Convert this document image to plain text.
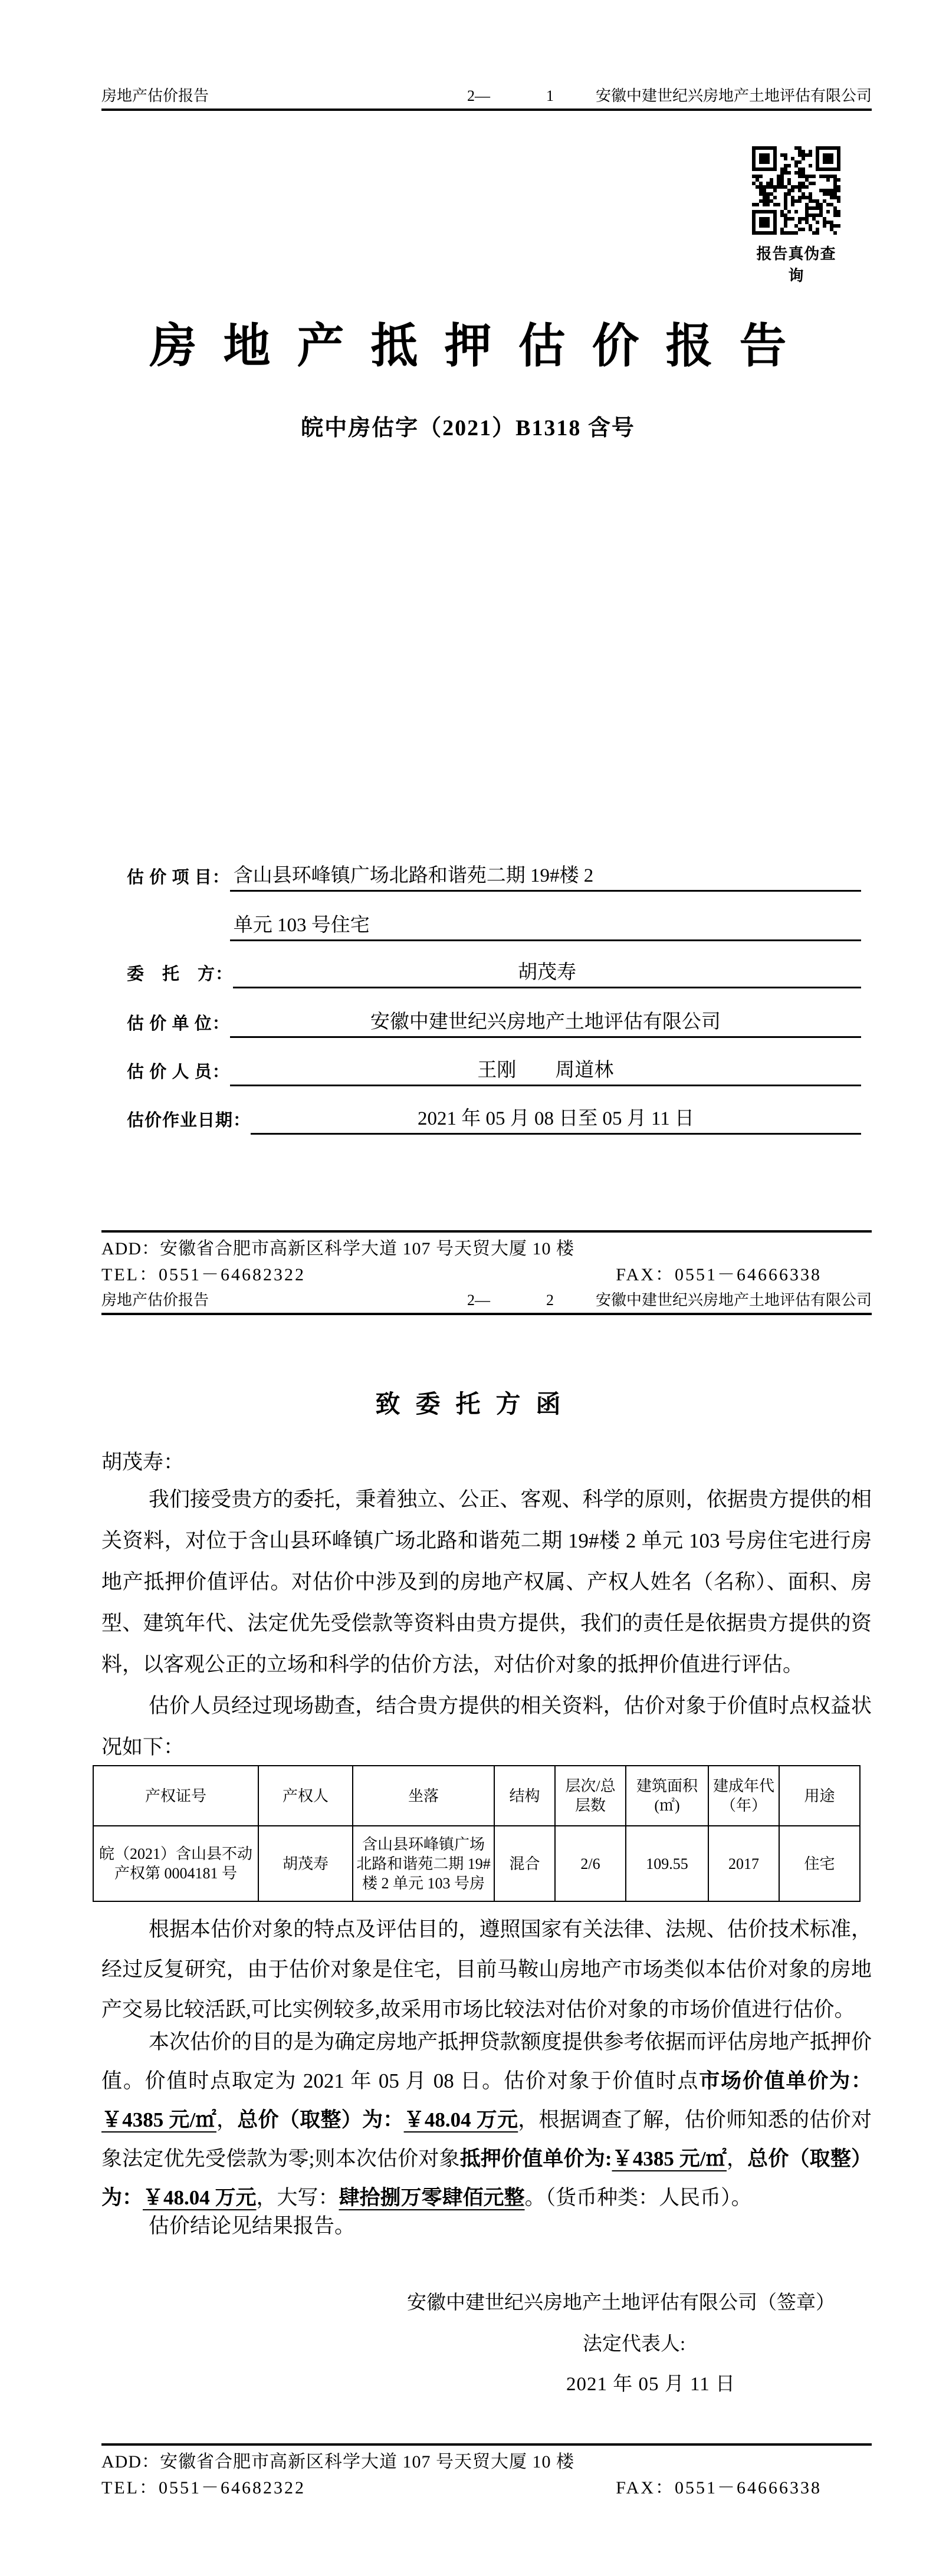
房地产估价报告	2—	1	安徽中建世纪兴房地产土地评估有限公司
报告真伪查询
房地产抵押估价报告
皖中房估字（2021）B1318 含号
估 价 项 目： 含山县环峰镇广场北路和谐苑二期 19#楼 2
单元 103 号住宅
委　托　方：	胡茂寿
估 价 单 位：	安徽中建世纪兴房地产土地评估有限公司
估 价 人 员：	王刚　　周道林
估价作业日期：	2021 年 05 月 08 日至 05 月 11 日
ADD：安徽省合肥市高新区科学大道 107 号天贸大厦 10 楼
TEL：0551－64682322	FAX：0551－64666338
房地产估价报告	2—	2	安徽中建世纪兴房地产土地评估有限公司
致委托方函
胡茂寿：

我们接受贵方的委托，秉着独立、公正、客观、科学的原则，依据贵方提供的相关资料，对位于含山县环峰镇广场北路和谐苑二期 19#楼 2 单元 103 号房住宅进行房地产抵押价值评估。对估价中涉及到的房地产权属、产权人姓名（名称）、面积、房型、建筑年代、法定优先受偿款等资料由贵方提供，我们的责任是依据贵方提供的资料，以客观公正的立场和科学的估价方法，对估价对象的抵押价值进行评估。

估价人员经过现场勘查，结合贵方提供的相关资料，估价对象于价值时点权益状况如下：

产权证号	产权人	坐落	结构	层次/总层数	建筑面积(㎡)	建成年代（年）	用途
皖（2021）含山县不动产权第 0004181 号	胡茂寿	含山县环峰镇广场北路和谐苑二期 19#楼 2 单元 103 号房	混合	2/6	109.55	2017	住宅
根据本估价对象的特点及评估目的，遵照国家有关法律、法规、估价技术标准，经过反复研究，由于估价对象是住宅，目前马鞍山房地产市场类似本估价对象的房地产交易比较活跃,可比实例较多,故采用市场比较法对估价对象的市场价值进行估价。
本次估价的目的是为确定房地产抵押贷款额度提供参考依据而评估房地产抵押价值。价值时点取定为 2021 年 05 月 08 日。估价对象于价值时点市场价值单价为：￥4385 元/㎡，总价（取整）为：￥48.04 万元，根据调查了解，估价师知悉的估价对象法定优先受偿款为零;则本次估价对象抵押价值单价为:￥4385 元/㎡，总价（取整）为：￥48.04 万元，大写：肆拾捌万零肆佰元整。（货币种类：人民币）。
估价结论见结果报告。
安徽中建世纪兴房地产土地评估有限公司（签章）
法定代表人:
2021 年 05 月 11 日
ADD：安徽省合肥市高新区科学大道 107 号天贸大厦 10 楼
TEL：0551－64682322	FAX：0551－64666338
